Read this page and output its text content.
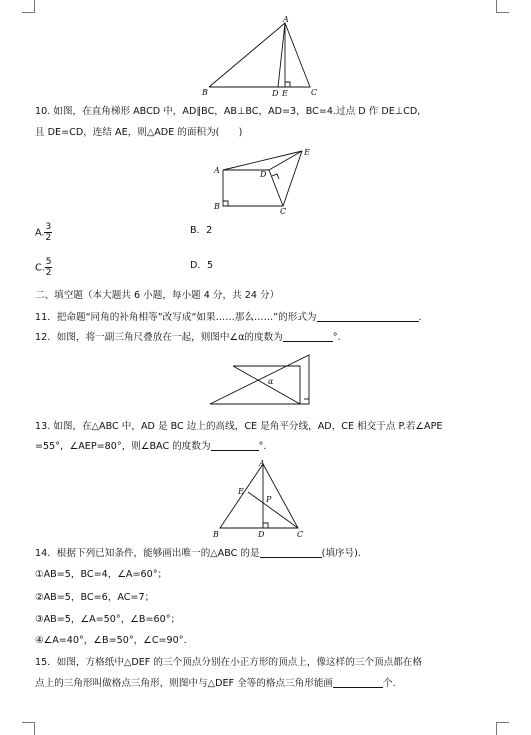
A
B	C
D E
10. 如图，在直角梯形 ABCD 中，AD∥BC，AB⊥BC，AD=3，BC=4.过点 D 作 DE⊥CD,
且 DE=CD，连结 AE，则△ADE 的面积为(　　)
A
B
C
D
E
A. $\frac{3}{2}$	B．2
C. $\frac{5}{2}$	D．5
二、填空题（本大题共 6 小题，每小题 4 分，共 24 分）
11．把命题“同角的补角相等”改写成“如果……那么……”的形式为	.
12．如图，将一副三角尺叠放在一起，则图中∠α的度数为	°.
α
13. 如图，在△ABC 中，AD 是 BC 边上的高线，CE 是角平分线，AD，CE 相交于点 P.若∠APE
=55°，∠AEP=80°，则∠BAC 的度数为	°.
A
B	C
D
E
P
14．根据下列已知条件，能够画出唯一的△ABC 的是	(填序号).
①AB=5，BC=4，∠A=60°；
②AB=5，BC=6，AC=7；
③AB=5，∠A=50°，∠B=60°；
④∠A=40°，∠B=50°，∠C=90°．
15．如图，方格纸中△DEF 的三个顶点分别在小正方形的顶点上，像这样的三个顶点都在格
点上的三角形叫做格点三角形，则图中与△DEF 全等的格点三角形能画	个.
